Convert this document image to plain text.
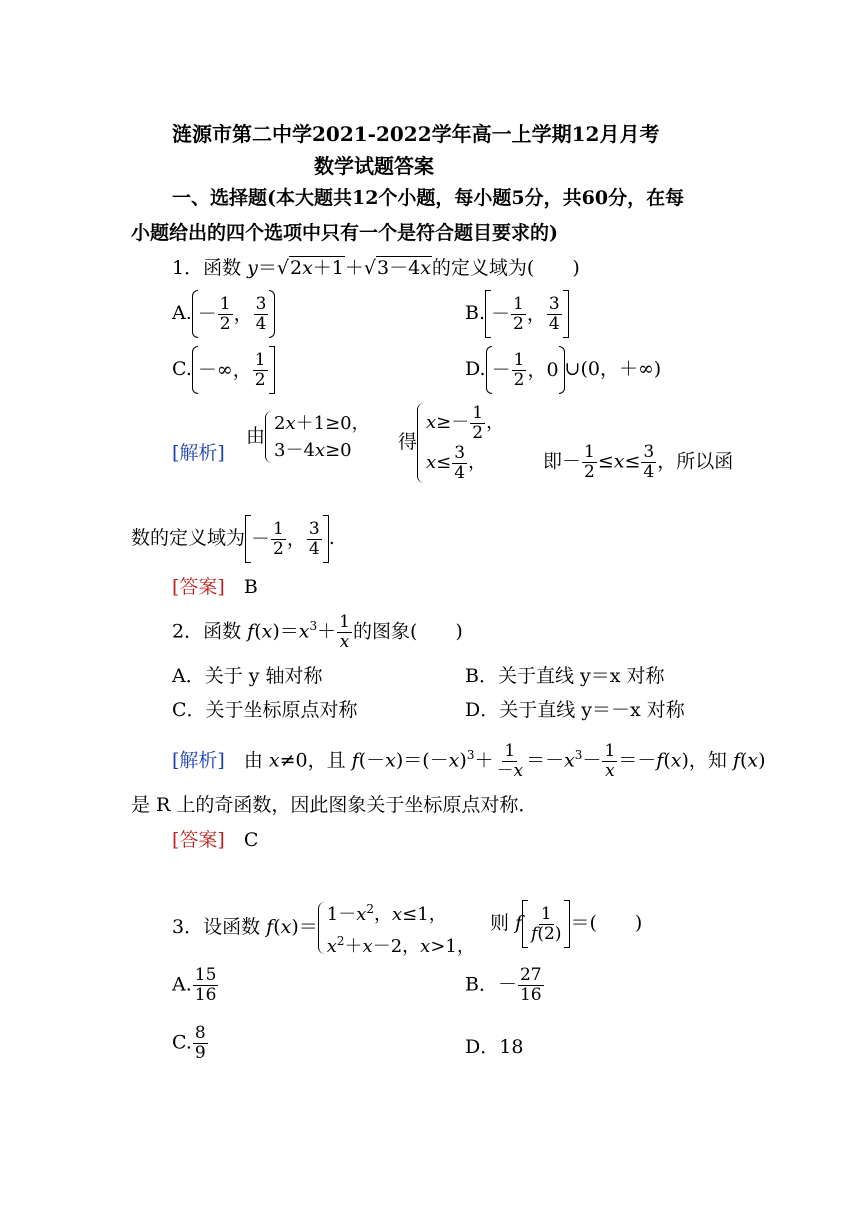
涟源市第二中学2021-2022学年高一上学期12月月考
数学试题答案
一、选择题(本大题共12个小题，每小题5分，共60分，在每
小题给出的四个选项中只有一个是符合题目要求的)
1．函数 y＝√2x＋1＋√3－4x的定义域为(　　)
A. － $\frac{1}{2}$ ， $\frac{3}{4}$	B. － $\frac{1}{2}$ ， $\frac{3}{4}$
C. －∞， $\frac{1}{2}$	D. － $\frac{1}{2}$ ，0 ∪(0，＋∞)
[解析]
由
2x＋1≥0，
3－4x≥0	得
$x\ge- \frac{1}{2}$ ，
$x\le \frac{3}{4}$ ，	即－ $\frac{1}{2} \le x\le \frac{3}{4}$ ，所以函
数的定义域为 － $\frac{1}{2}$ ， $\frac{3}{4}$ .
[答案]　 B
2．函数 $f(x)=x^3+ \frac{1}{x}$ 的图象(　　)
A．关于 y 轴对称	B．关于直线 y＝x 对称
C．关于坐标原点对称	D．关于直线 y＝－x 对称
[解析]　由 x≠0，且 $f(-x)=(-x)^3+ \frac{1}{-x} =-x^3- \frac{1}{x} =-f(x)$，知 f(x)
是 R 上的奇函数，因此图象关于坐标原点对称．
[答案]　 C
3．设函数 f(x)＝
$1-x^2$，x≤1，
$x^2+x-2$，x>1，
则 f $\frac{1}{f(2)}$ ＝(　　)
A. $\frac{15}{16}$	B．－ $\frac{27}{16}$
C. $\frac{8}{9}$	D．18
